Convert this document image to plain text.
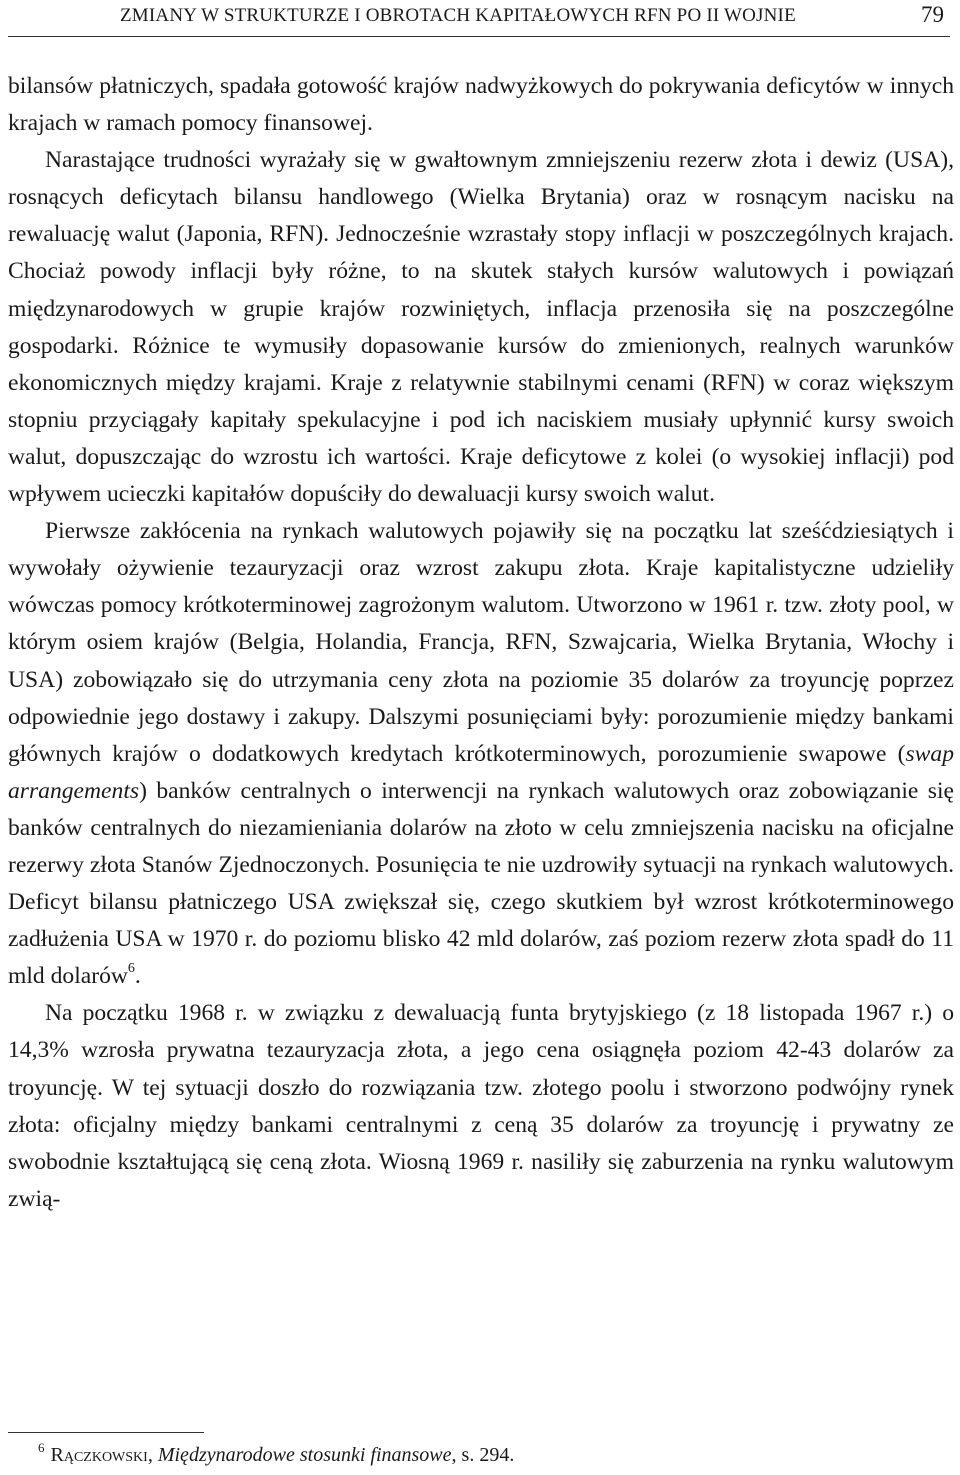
ZMIANY W STRUKTURZE I OBROTACH KAPITAŁOWYCH RFN PO II WOJNIE	79

bilansów płatniczych, spadała gotowość krajów nadwyżkowych do pokrywania deficytów w innych krajach w ramach pomocy finansowej.

Narastające trudności wyrażały się w gwałtownym zmniejszeniu rezerw złota i dewiz (USA), rosnących deficytach bilansu handlowego (Wielka Brytania) oraz w rosnącym nacisku na rewaluację walut (Japonia, RFN). Jednocześnie wzrastały stopy inflacji w poszczególnych krajach. Chociaż powody inflacji były różne, to na skutek stałych kursów walutowych i powiązań międzynarodowych w grupie krajów rozwiniętych, inflacja przenosiła się na poszczególne gospodarki. Różnice te wymusiły dopasowanie kursów do zmienionych, realnych warunków ekonomicznych między krajami. Kraje z relatywnie stabilnymi cenami (RFN) w coraz większym stopniu przyciągały kapitały spekulacyjne i pod ich naciskiem musiały upłynnić kursy swoich walut, dopuszczając do wzrostu ich wartości. Kraje deficytowe z kolei (o wysokiej inflacji) pod wpływem ucieczki kapitałów dopuściły do dewaluacji kursy swoich walut.

Pierwsze zakłócenia na rynkach walutowych pojawiły się na początku lat sześćdziesiątych i wywołały ożywienie tezauryzacji oraz wzrost zakupu złota. Kraje kapitalistyczne udzieliły wówczas pomocy krótkoterminowej zagrożonym walutom. Utworzono w 1961 r. tzw. złoty pool, w którym osiem krajów (Belgia, Holandia, Francja, RFN, Szwajcaria, Wielka Brytania, Włochy i USA) zobowiązało się do utrzymania ceny złota na poziomie 35 dolarów za troyuncję poprzez odpowiednie jego dostawy i zakupy. Dalszymi posunięciami były: porozumienie między bankami głównych krajów o dodatkowych kredytach krótkoterminowych, porozumienie swapowe (swap arrangements) banków centralnych o interwencji na rynkach walutowych oraz zobowiązanie się banków centralnych do niezamieniania dolarów na złoto w celu zmniejszenia nacisku na oficjalne rezerwy złota Stanów Zjednoczonych. Posunięcia te nie uzdrowiły sytuacji na rynkach walutowych. Deficyt bilansu płatniczego USA zwiększał się, czego skutkiem był wzrost krótkoterminowego zadłużenia USA w 1970 r. do poziomu blisko 42 mld dolarów, zaś poziom rezerw złota spadł do 11 mld dolarów$^6$.

Na początku 1968 r. w związku z dewaluacją funta brytyjskiego (z 18 listopada 1967 r.) o 14,3% wzrosła prywatna tezauryzacja złota, a jego cena osiągnęła poziom 42-43 dolarów za troyuncję. W tej sytuacji doszło do rozwiązania tzw. złotego poolu i stworzono podwójny rynek złota: oficjalny między bankami centralnymi z ceną 35 dolarów za troyuncję i prywatny ze swobodnie kształtującą się ceną złota. Wiosną 1969 r. nasiliły się zaburzenia na rynku walutowym zwią-

$^6$ Rączkowski, Międzynarodowe stosunki finansowe, s. 294.
